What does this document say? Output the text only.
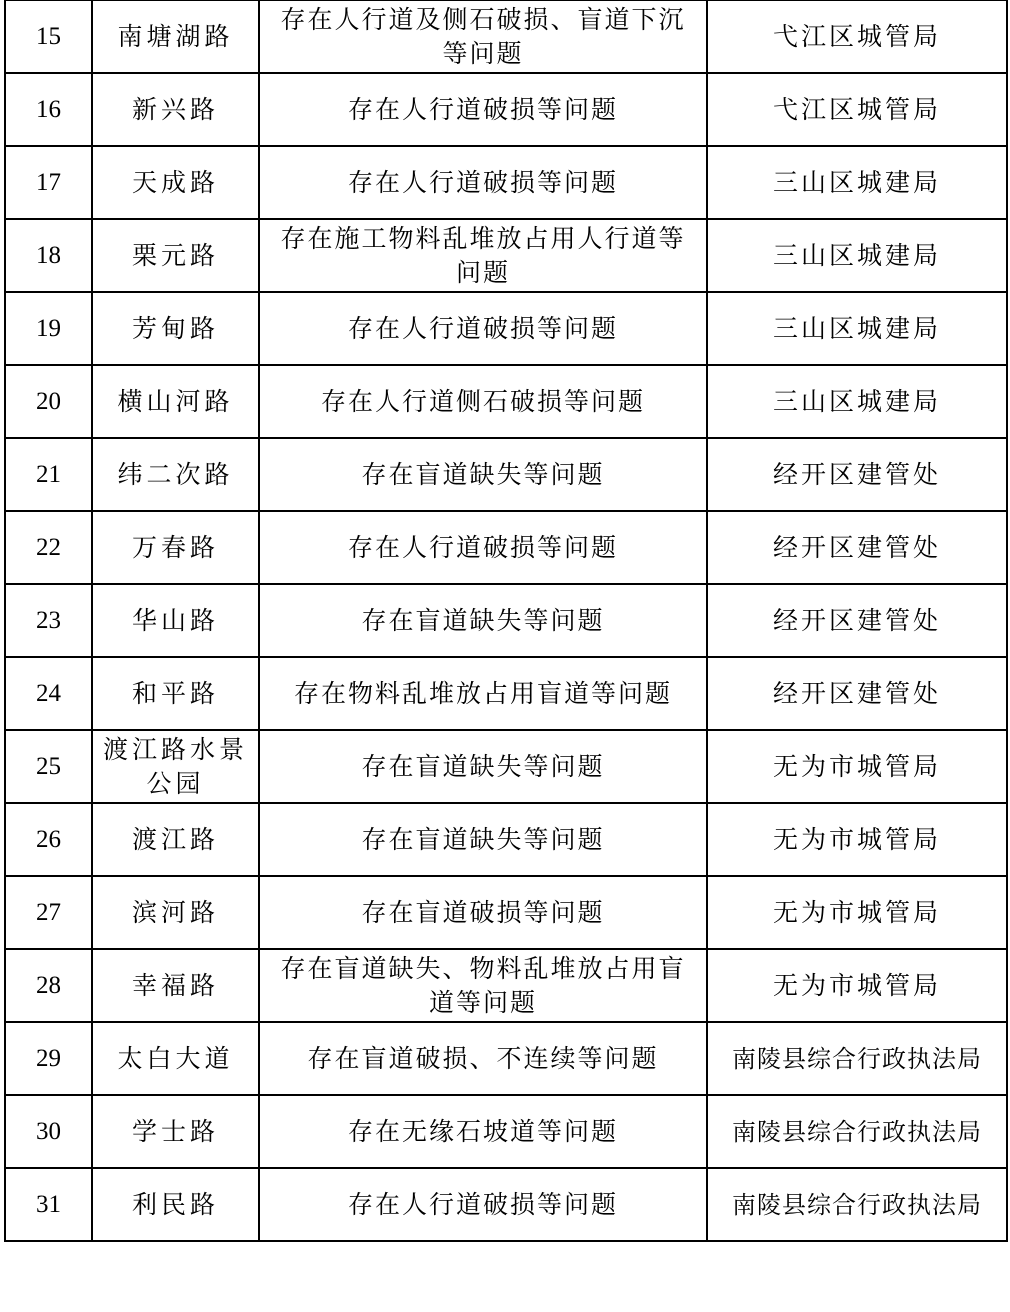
15	南塘湖路	存在人行道及侧石破损、盲道下沉等问题	弋江区城管局
16	新兴路	存在人行道破损等问题	弋江区城管局
17	天成路	存在人行道破损等问题	三山区城建局
18	栗元路	存在施工物料乱堆放占用人行道等问题	三山区城建局
19	芳甸路	存在人行道破损等问题	三山区城建局
20	横山河路	存在人行道侧石破损等问题	三山区城建局
21	纬二次路	存在盲道缺失等问题	经开区建管处
22	万春路	存在人行道破损等问题	经开区建管处
23	华山路	存在盲道缺失等问题	经开区建管处
24	和平路	存在物料乱堆放占用盲道等问题	经开区建管处
25	渡江路水景公园	存在盲道缺失等问题	无为市城管局
26	渡江路	存在盲道缺失等问题	无为市城管局
27	滨河路	存在盲道破损等问题	无为市城管局
28	幸福路	存在盲道缺失、物料乱堆放占用盲道等问题	无为市城管局
29	太白大道	存在盲道破损、不连续等问题	南陵县综合行政执法局
30	学士路	存在无缘石坡道等问题	南陵县综合行政执法局
31	利民路	存在人行道破损等问题	南陵县综合行政执法局
